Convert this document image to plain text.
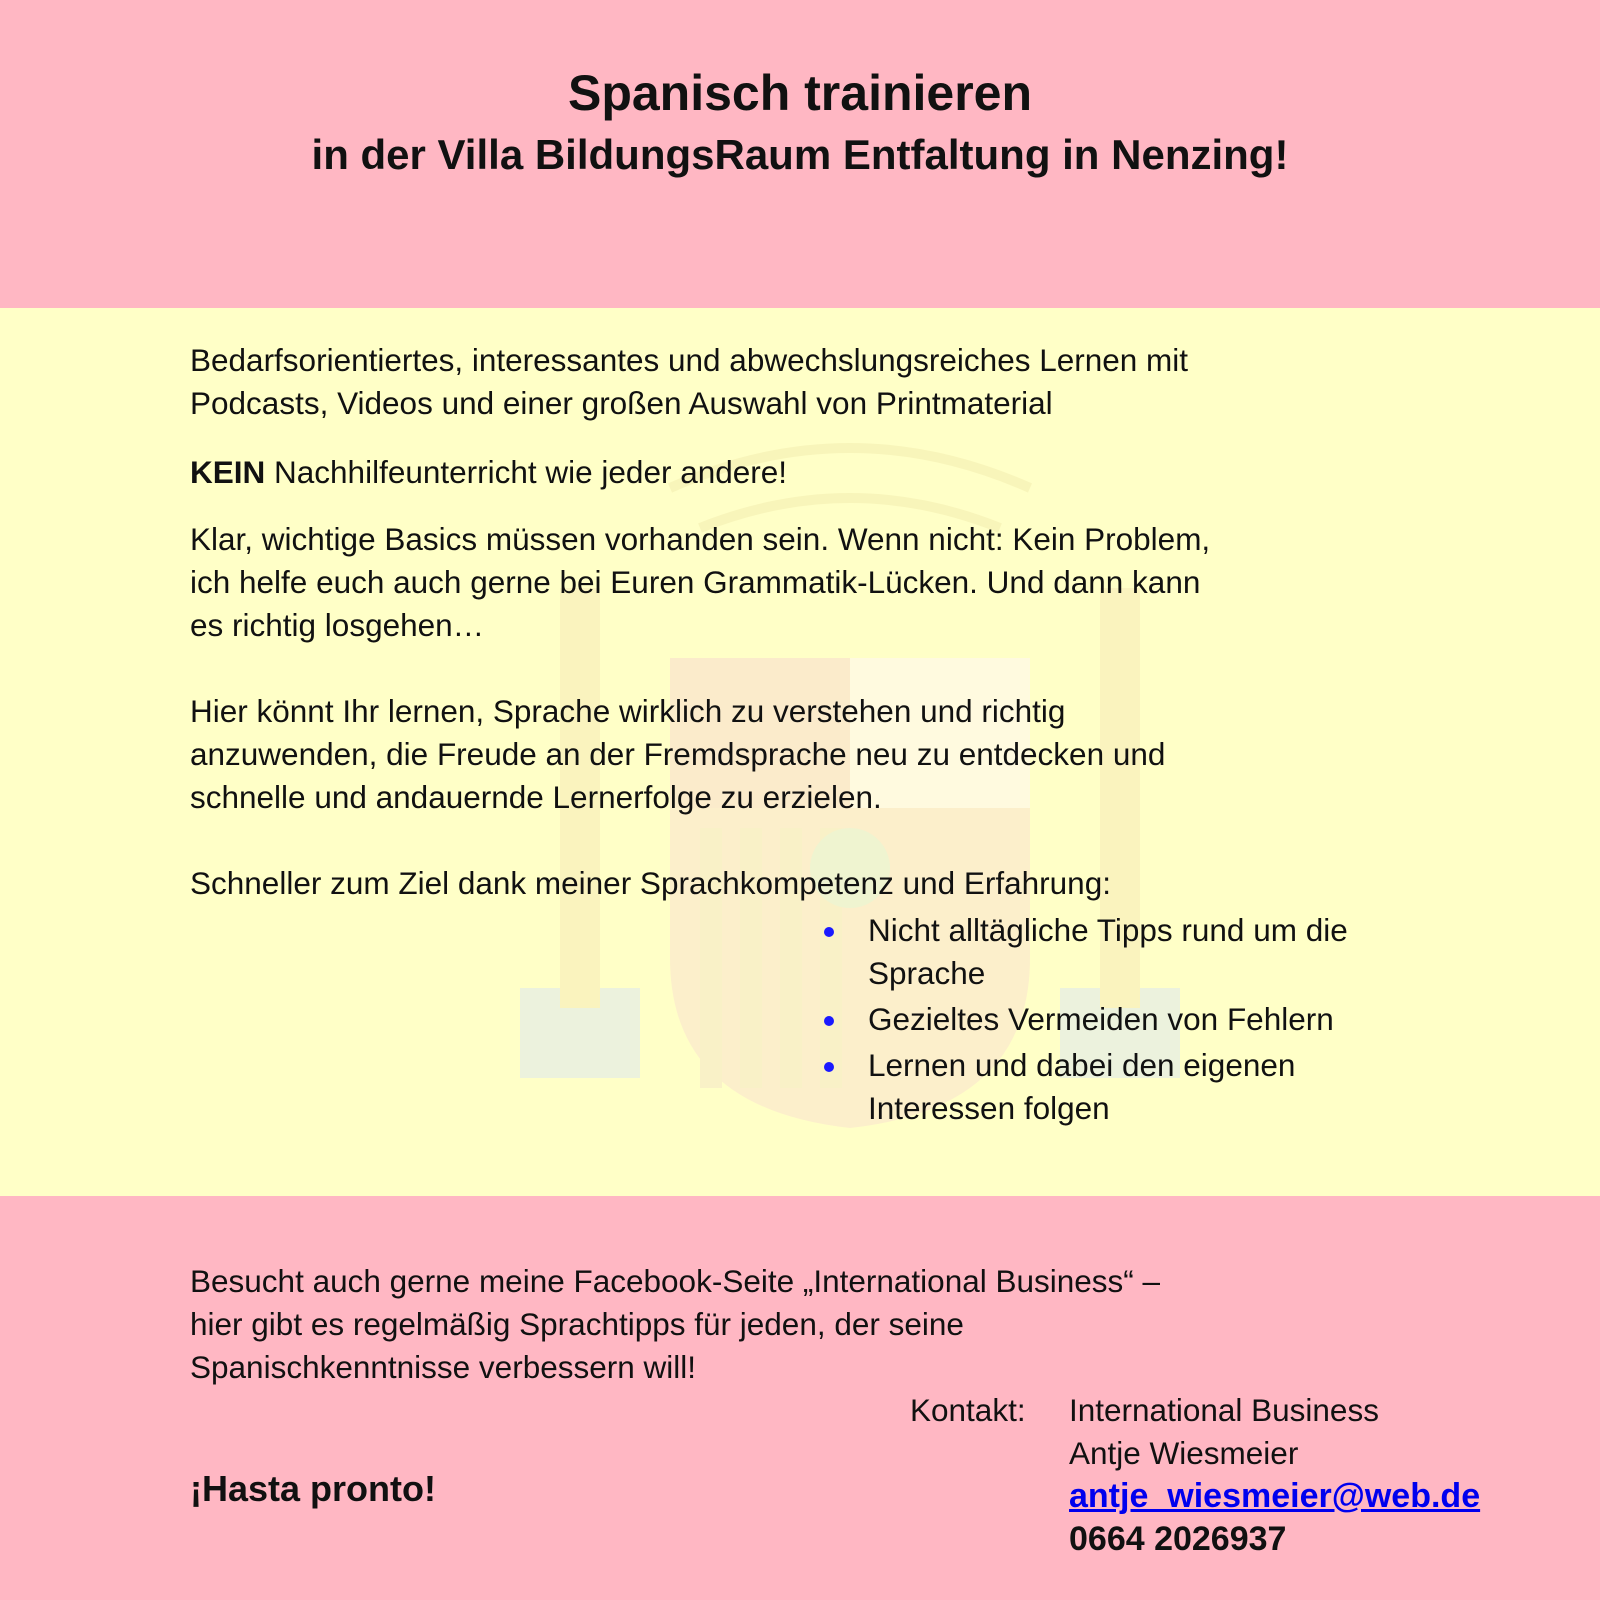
Spanisch trainieren
in der Villa BildungsRaum Entfaltung in Nenzing!

Bedarfsorientiertes, interessantes und abwechslungsreiches Lernen mit
Podcasts, Videos und einer großen Auswahl von Printmaterial

KEIN Nachhilfeunterricht wie jeder andere!

Klar, wichtige Basics müssen vorhanden sein. Wenn nicht: Kein Problem,
ich helfe euch auch gerne bei Euren Grammatik-Lücken. Und dann kann
es richtig losgehen…

Hier könnt Ihr lernen, Sprache wirklich zu verstehen und richtig
anzuwenden, die Freude an der Fremdsprache neu zu entdecken und
schnelle und andauernde Lernerfolge zu erzielen.

Schneller zum Ziel dank meiner Sprachkompetenz und Erfahrung:

Nicht alltägliche Tipps rund um die Sprache
Gezieltes Vermeiden von Fehlern
Lernen und dabei den eigenen Interessen folgen

Besucht auch gerne meine Facebook-Seite „International Business“ –
hier gibt es regelmäßig Sprachtipps für jeden, der seine
Spanischkenntnisse verbessern will!

¡Hasta pronto!

Kontakt: International Business
Antje Wiesmeier
antje_wiesmeier@web.de
0664 2026937
